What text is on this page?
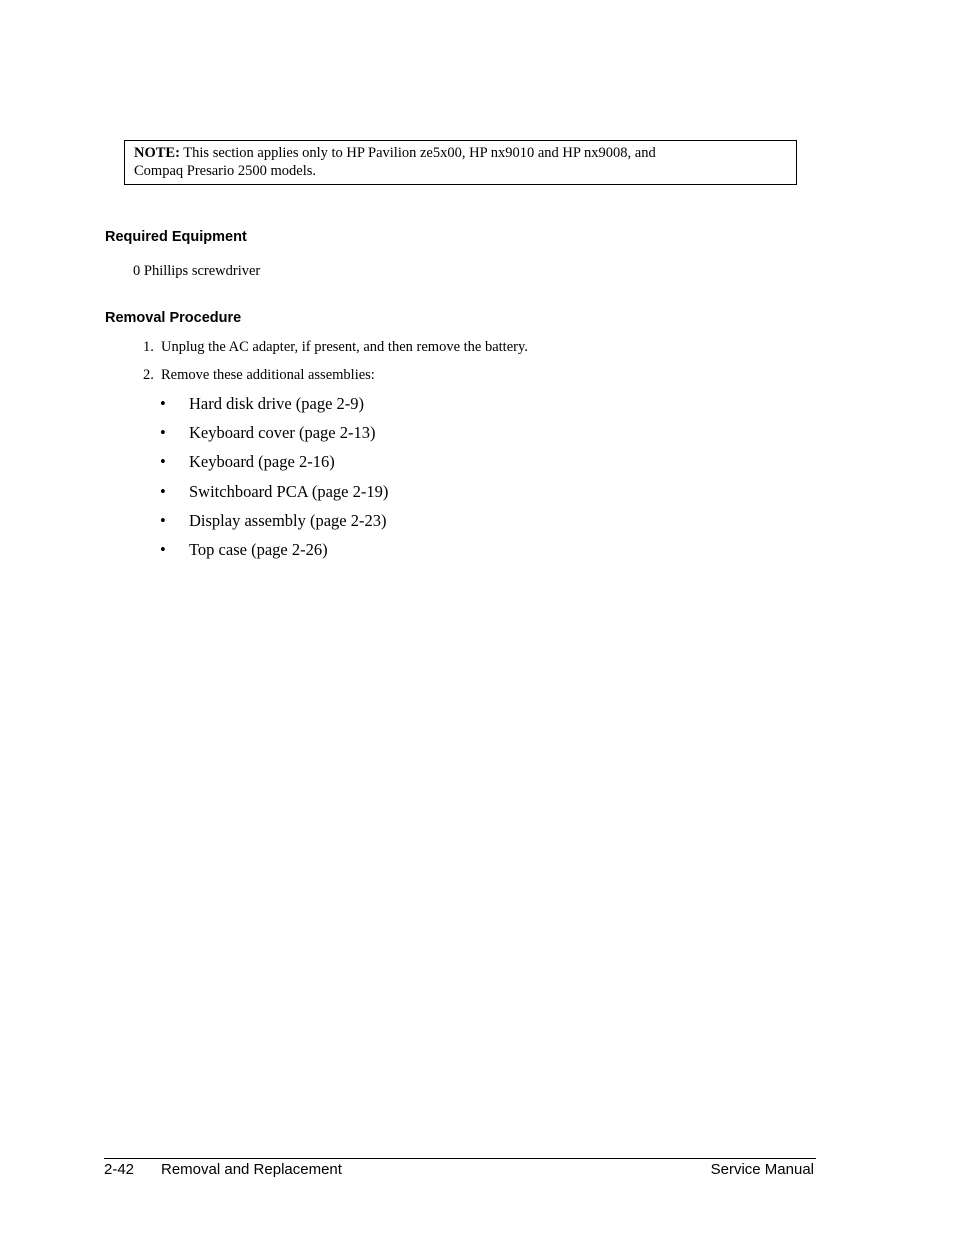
NOTE: This section applies only to HP Pavilion ze5x00, HP nx9010 and HP nx9008, and
Compaq Presario 2500 models.
Required Equipment
0 Phillips screwdriver
Removal Procedure
1. Unplug the AC adapter, if present, and then remove the battery.
2. Remove these additional assemblies:
• Hard disk drive (page 2-9)
• Keyboard cover (page 2-13)
• Keyboard (page 2-16)
• Switchboard PCA (page 2-19)
• Display assembly (page 2-23)
• Top case (page 2-26)
2-42 Removal and Replacement	Service Manual
